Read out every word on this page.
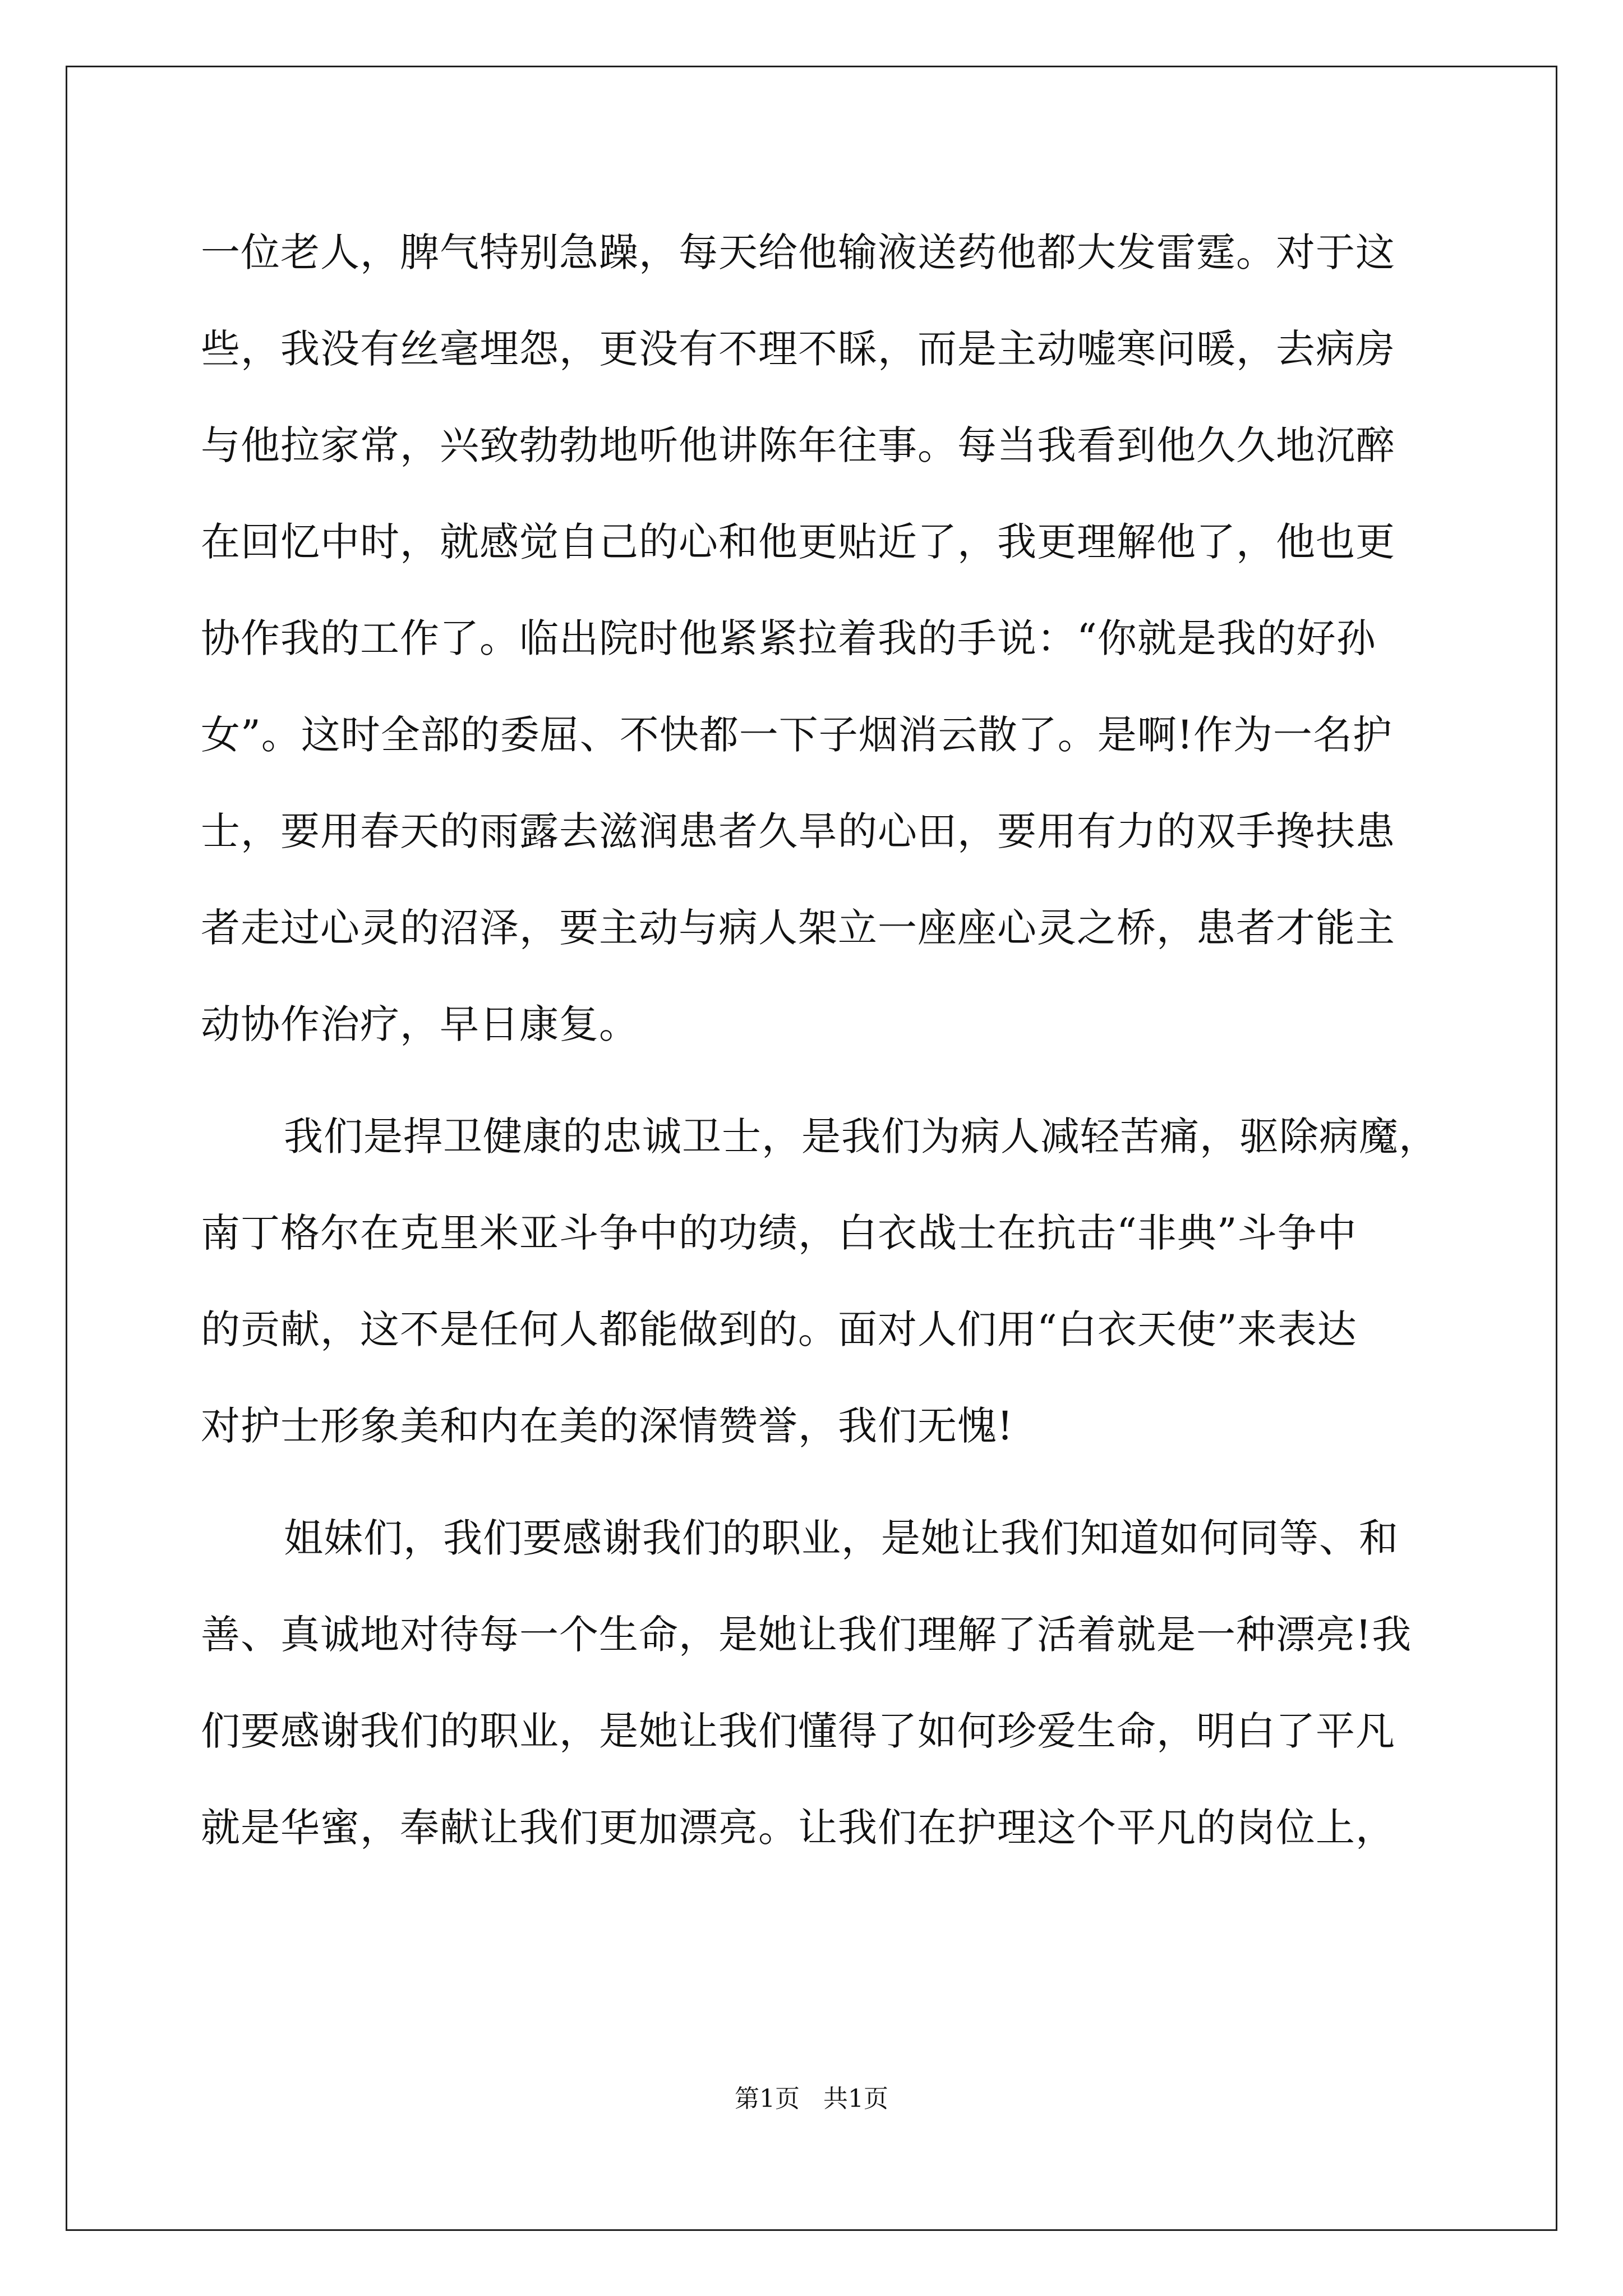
一位老人，脾气特别急躁，每天给他输液送药他都大发雷霆。对于这
些，我没有丝毫埋怨，更没有不理不睬，而是主动嘘寒问暖，去病房
与他拉家常，兴致勃勃地听他讲陈年往事。每当我看到他久久地沉醉
在回忆中时，就感觉自己的心和他更贴近了，我更理解他了，他也更
协作我的工作了。临出院时他紧紧拉着我的手说：“你就是我的好孙
女”。这时全部的委屈、不快都一下子烟消云散了。是啊!作为一名护
士，要用春天的雨露去滋润患者久旱的心田，要用有力的双手搀扶患
者走过心灵的沼泽，要主动与病人架立一座座心灵之桥，患者才能主
动协作治疗，早日康复。
我们是捍卫健康的忠诚卫士，是我们为病人减轻苦痛，驱除病魔，
南丁格尔在克里米亚斗争中的功绩，白衣战士在抗击“非典”斗争中
的贡献，这不是任何人都能做到的。面对人们用“白衣天使”来表达
对护士形象美和内在美的深情赞誉，我们无愧!
姐妹们，我们要感谢我们的职业，是她让我们知道如何同等、和
善、真诚地对待每一个生命，是她让我们理解了活着就是一种漂亮!我
们要感谢我们的职业，是她让我们懂得了如何珍爱生命，明白了平凡
就是华蜜，奉献让我们更加漂亮。让我们在护理这个平凡的岗位上，
第1页 共1页
